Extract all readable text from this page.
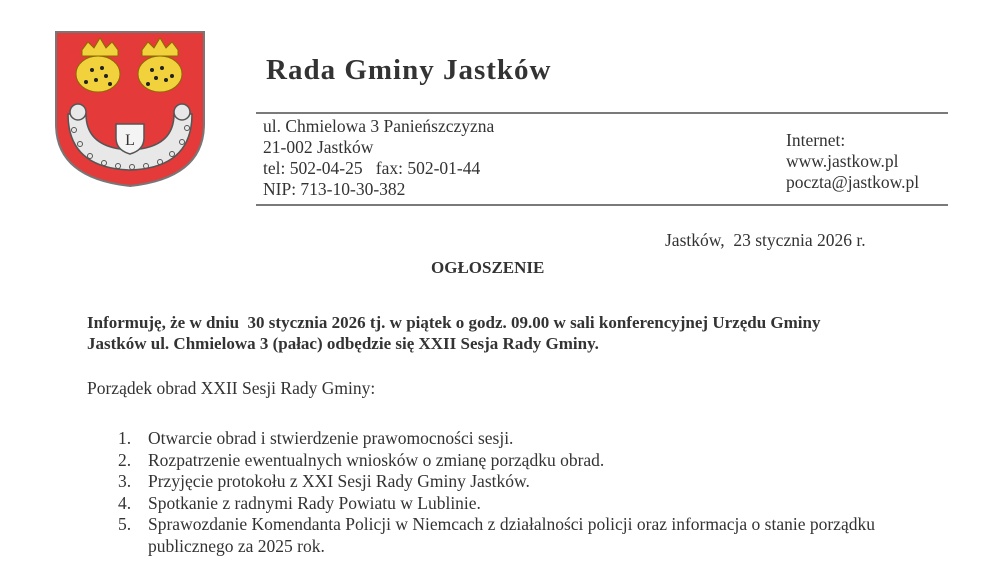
L
Rada Gminy Jastków
ul. Chmielowa 3 Panieńszczyzna
21-002 Jastków
tel: 502-04-25   fax: 502-01-44
NIP: 713-10-30-382
Internet:
www.jastkow.pl
poczta@jastkow.pl
Jastków,  23 stycznia 2026 r.
OGŁOSZENIE
Informuję, że w dniu  30 stycznia 2026 tj. w piątek o godz. 09.00 w sali konferencyjnej Urzędu Gminy
Jastków ul. Chmielowa 3 (pałac) odbędzie się XXII Sesja Rady Gminy.
Porządek obrad XXII Sesji Rady Gminy:
1. Otwarcie obrad i stwierdzenie prawomocności sesji.
2. Rozpatrzenie ewentualnych wniosków o zmianę porządku obrad.
3. Przyjęcie protokołu z XXI Sesji Rady Gminy Jastków.
4. Spotkanie z radnymi Rady Powiatu w Lublinie.
5. Sprawozdanie Komendanta Policji w Niemcach z działalności policji oraz informacja o stanie porządku
publicznego za 2025 rok.
